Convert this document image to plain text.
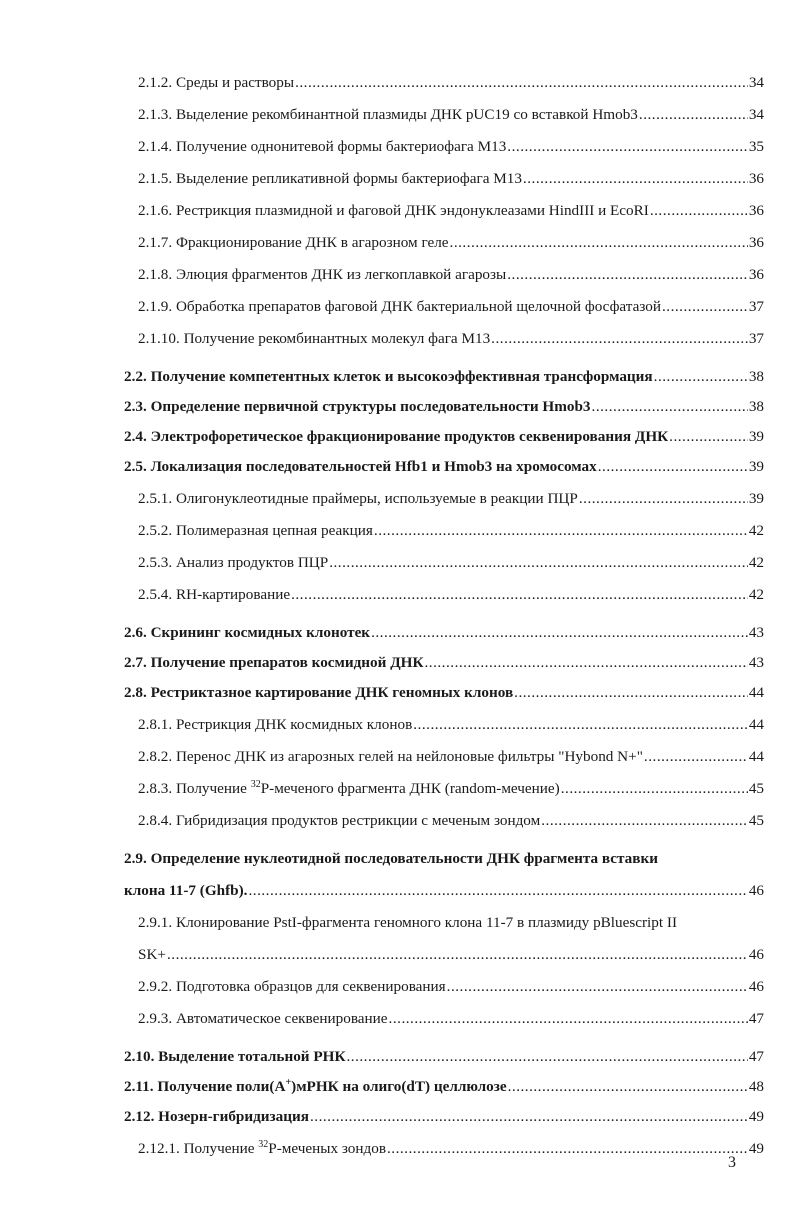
2.1.2. Среды и растворы .....	34
2.1.3. Выделение рекомбинантной плазмиды ДНК pUC19 со вставкой Hmob3 .....	34
2.1.4. Получение однонитевой формы бактериофага M13 .....	35
2.1.5. Выделение репликативной формы бактериофага M13 .....	36
2.1.6. Рестрикция плазмидной и фаговой ДНК эндонуклеазами HindIII и EcoRI .....	36
2.1.7. Фракционирование ДНК в агарозном геле .....	36
2.1.8. Элюция фрагментов ДНК из легкоплавкой агарозы .....	36
2.1.9. Обработка препаратов фаговой ДНК бактериальной щелочной фосфатазой .....	37
2.1.10. Получение рекомбинантных молекул фага M13 .....	37
2.2. Получение компетентных клеток и высокоэффективная трансформация .....	38
2.3. Определение первичной структуры последовательности Hmob3 .....	38
2.4. Электрофоретическое фракционирование продуктов секвенирования ДНК .....	39
2.5. Локализация последовательностей Hfb1 и Hmob3 на хромосомах .....	39
2.5.1. Олигонуклеотидные праймеры, используемые в реакции ПЦР .....	39
2.5.2. Полимеразная цепная реакция .....	42
2.5.3. Анализ продуктов ПЦР .....	42
2.5.4. RH-картирование .....	42
2.6. Скрининг космидных клонотек .....	43
2.7. Получение препаратов космидной ДНК .....	43
2.8. Рестриктазное картирование ДНК геномных клонов .....	44
2.8.1. Рестрикция ДНК космидных клонов .....	44
2.8.2. Перенос ДНК из агарозных гелей на нейлоновые фильтры "Hybond N+" .....	44
2.8.3. Получение $^{32}$P-меченого фрагмента ДНК (random-мечение) .....	45
2.8.4. Гибридизация продуктов рестрикции с меченым зондом .....	45
2.9. Определение нуклеотидной последовательности ДНК фрагмента вставки
клона 11-7 (Ghfb). .....	46
2.9.1. Клонирование PstI-фрагмента геномного клона 11-7 в плазмиду pBluescript II
SK+ .....	46
2.9.2. Подготовка образцов для секвенирования .....	46
2.9.3. Автоматическое секвенирование .....	47
2.10. Выделение тотальной РНК .....	47
2.11. Получение поли(А+)мРНК на олиго(dT) целлюлозе .....	48
2.12. Нозерн-гибридизация .....	49
2.12.1. Получение $^{32}$P-меченых зондов .....	49
3
